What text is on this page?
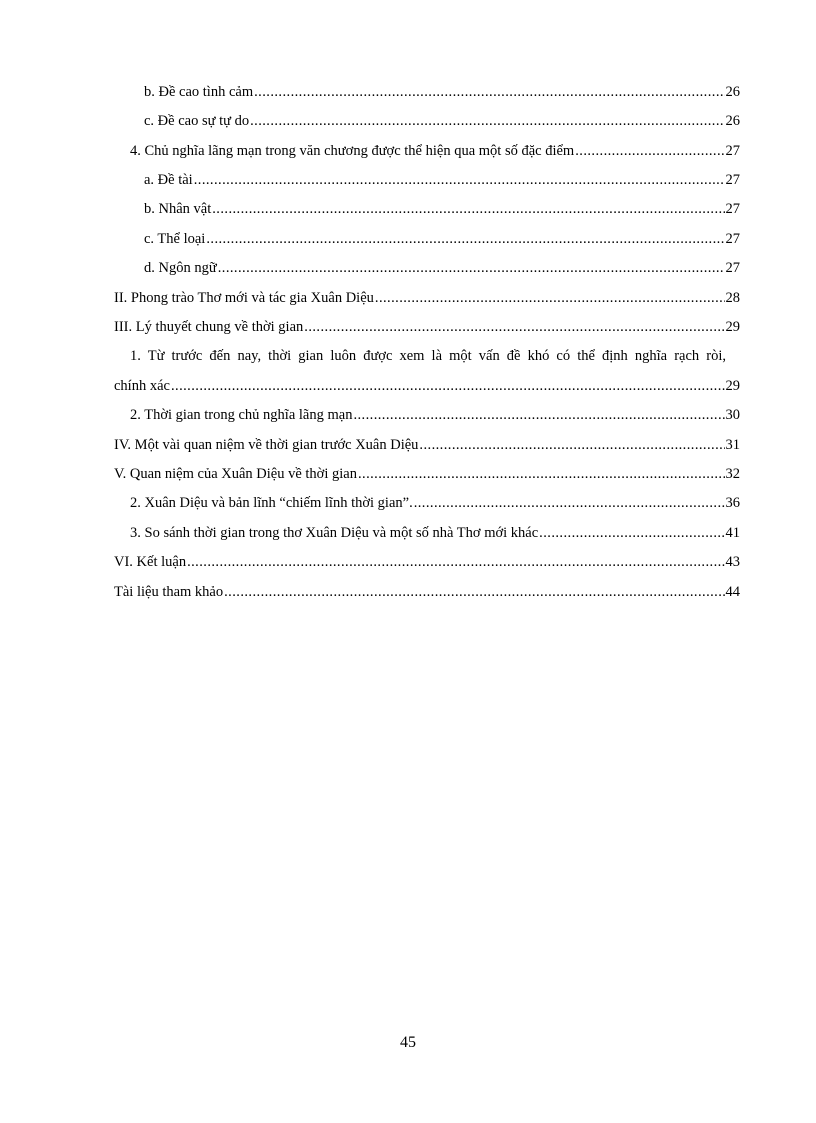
b. Đề cao tình cảm . . .	26
c. Đề cao sự tự do . . .	26
4. Chủ nghĩa lãng mạn trong văn chương được thể hiện qua một số đặc điểm . . .	27
a. Đề tài . . .	27
b. Nhân vật . . .	27
c. Thể loại . . .	27
d. Ngôn ngữ . . .	27
II. Phong trào Thơ mới và tác gia Xuân Diệu . . .	28
III. Lý thuyết chung về thời gian . . .	29
1. Từ trước đến nay, thời gian luôn được xem là một vấn đề khó có thể định nghĩa rạch ròi,
chính xác . . .	29
2. Thời gian trong chủ nghĩa lãng mạn . . .	30
IV. Một vài quan niệm về thời gian trước Xuân Diệu . . .	31
V. Quan niệm của Xuân Diệu về thời gian . . .	32
2. Xuân Diệu và bản lĩnh “chiếm lĩnh thời gian”. . . .	36
3. So sánh thời gian trong thơ Xuân Diệu và một số nhà Thơ mới khác . . .	41
VI. Kết luận . . .	43
Tài liệu tham khảo . . .	44
45
